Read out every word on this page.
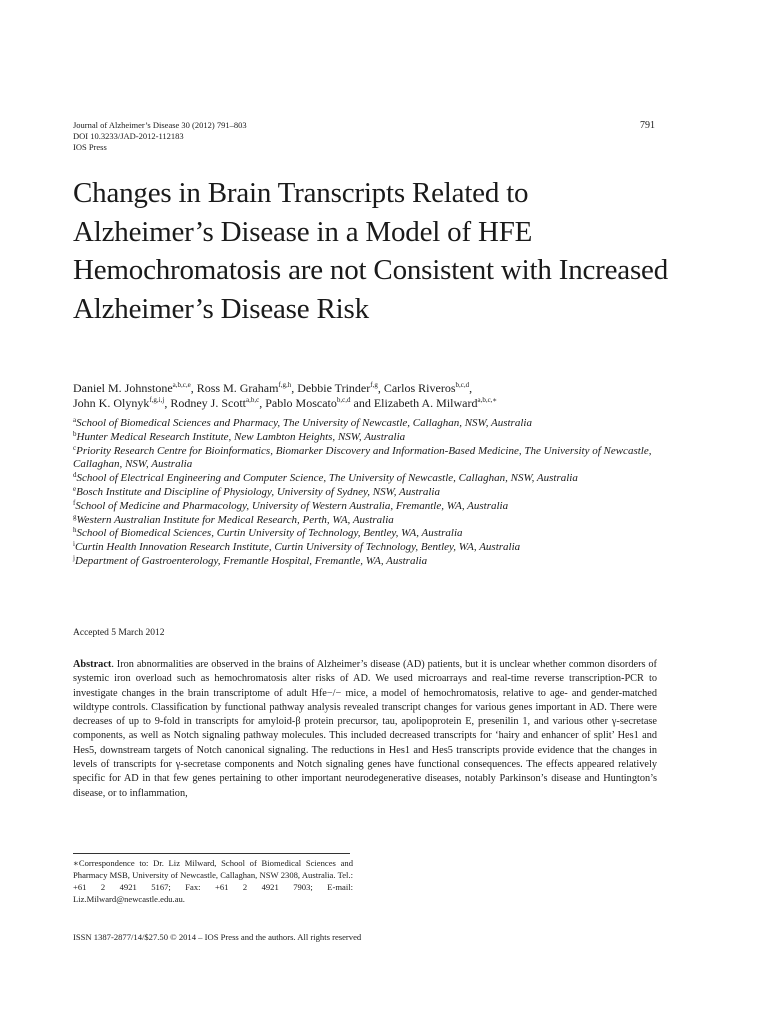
Journal of Alzheimer’s Disease 30 (2012) 791–803
DOI 10.3233/JAD-2012-112183
IOS Press
791
Changes in Brain Transcripts Related to Alzheimer’s Disease in a Model of HFE Hemochromatosis are not Consistent with Increased Alzheimer’s Disease Risk
Daniel M. Johnstone$^{a,b,c,e}$, Ross M. Graham$^{f,g,h}$, Debbie Trinder$^{f,g}$, Carlos Riveros$^{b,c,d}$,
John K. Olynyk$^{f,g,i,j}$, Rodney J. Scott$^{a,b,c}$, Pablo Moscato$^{b,c,d}$ and Elizabeth A. Milward$^{a,b,c,∗}$
$^a$School of Biomedical Sciences and Pharmacy, The University of Newcastle, Callaghan, NSW, Australia
$^b$Hunter Medical Research Institute, New Lambton Heights, NSW, Australia
$^c$Priority Research Centre for Bioinformatics, Biomarker Discovery and Information-Based Medicine, The University of Newcastle, Callaghan, NSW, Australia
$^d$School of Electrical Engineering and Computer Science, The University of Newcastle, Callaghan, NSW, Australia
$^e$Bosch Institute and Discipline of Physiology, University of Sydney, NSW, Australia
$^f$School of Medicine and Pharmacology, University of Western Australia, Fremantle, WA, Australia
$^g$Western Australian Institute for Medical Research, Perth, WA, Australia
$^h$School of Biomedical Sciences, Curtin University of Technology, Bentley, WA, Australia
$^i$Curtin Health Innovation Research Institute, Curtin University of Technology, Bentley, WA, Australia
$^j$Department of Gastroenterology, Fremantle Hospital, Fremantle, WA, Australia
Accepted 5 March 2012
Abstract. Iron abnormalities are observed in the brains of Alzheimer’s disease (AD) patients, but it is unclear whether common disorders of systemic iron overload such as hemochromatosis alter risks of AD. We used microarrays and real-time reverse transcription-PCR to investigate changes in the brain transcriptome of adult Hfe−/− mice, a model of hemochromatosis, relative to age- and gender-matched wildtype controls. Classification by functional pathway analysis revealed transcript changes for various genes important in AD. There were decreases of up to 9-fold in transcripts for amyloid-β protein precursor, tau, apolipoprotein E, presenilin 1, and various other γ-secretase components, as well as Notch signaling pathway molecules. This included decreased transcripts for ‘hairy and enhancer of split’ Hes1 and Hes5, downstream targets of Notch canonical signaling. The reductions in Hes1 and Hes5 transcripts provide evidence that the changes in levels of transcripts for γ-secretase components and Notch signaling genes have functional consequences. The effects appeared relatively specific for AD in that few genes pertaining to other important neurodegenerative diseases, notably Parkinson’s disease and Huntington’s disease, or to inflammation,
∗Correspondence to: Dr. Liz Milward, School of Biomedical Sciences and Pharmacy MSB, University of Newcastle, Callaghan, NSW 2308, Australia. Tel.: +61 2 4921 5167; Fax: +61 2 4921 7903; E-mail: Liz.Milward@newcastle.edu.au.
ISSN 1387-2877/14/$27.50 © 2014 – IOS Press and the authors. All rights reserved
